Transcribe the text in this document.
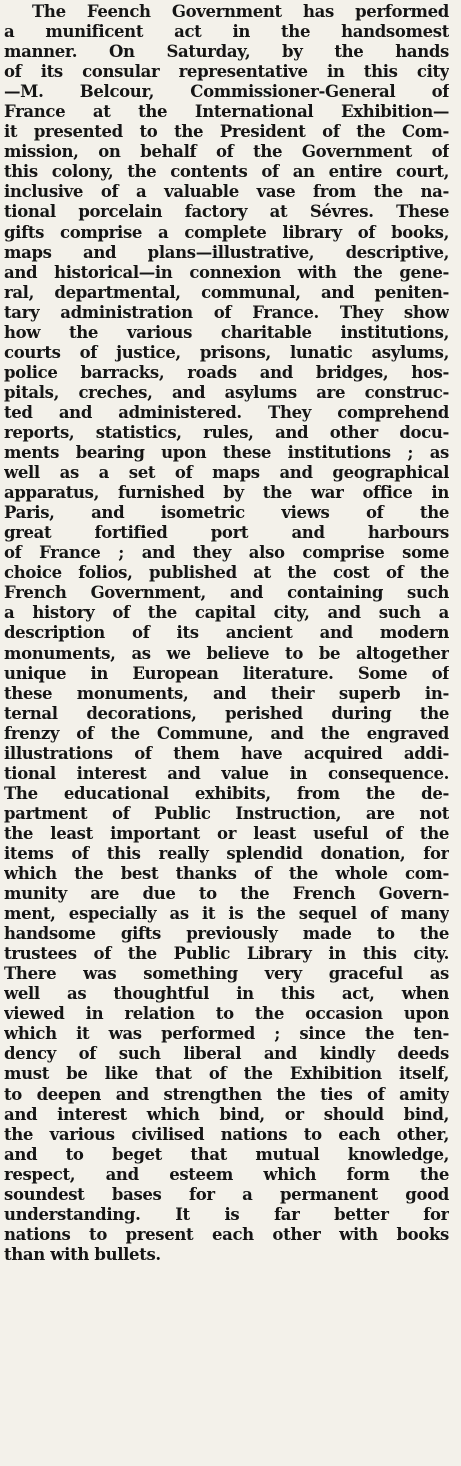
The Feench Government has performed
a munificent act in the handsomest
manner. On Saturday, by the hands
of its consular representative in this city
—M. Belcour, Commissioner-General of
France at the International Exhibition—
it presented to the President of the Com-
mission, on behalf of the Government of
this colony, the contents of an entire court,
inclusive of a valuable vase from the na-
tional porcelain factory at Sévres. These
gifts comprise a complete library of books,
maps and plans—illustrative, descriptive,
and historical—in connexion with the gene-
ral, departmental, communal, and peniten-
tary administration of France. They show
how the various charitable institutions,
courts of justice, prisons, lunatic asylums,
police barracks, roads and bridges, hos-
pitals, creches, and asylums are construc-
ted and administered. They comprehend
reports, statistics, rules, and other docu-
ments bearing upon these institutions ; as
well as a set of maps and geographical
apparatus, furnished by the war office in
Paris, and isometric views of the
great fortified port and harbours
of France ; and they also comprise some
choice folios, published at the cost of the
French Government, and containing such
a history of the capital city, and such a
description of its ancient and modern
monuments, as we believe to be altogether
unique in European literature. Some of
these monuments, and their superb in-
ternal decorations, perished during the
frenzy of the Commune, and the engraved
illustrations of them have acquired addi-
tional interest and value in consequence.
The educational exhibits, from the de-
partment of Public Instruction, are not
the least important or least useful of the
items of this really splendid donation, for
which the best thanks of the whole com-
munity are due to the French Govern-
ment, especially as it is the sequel of many
handsome gifts previously made to the
trustees of the Public Library in this city.
There was something very graceful as
well as thoughtful in this act, when
viewed in relation to the occasion upon
which it was performed ; since the ten-
dency of such liberal and kindly deeds
must be like that of the Exhibition itself,
to deepen and strengthen the ties of amity
and interest which bind, or should bind,
the various civilised nations to each other,
and to beget that mutual knowledge,
respect, and esteem which form the
soundest bases for a permanent good
understanding. It is far better for
nations to present each other with books
than with bullets.
